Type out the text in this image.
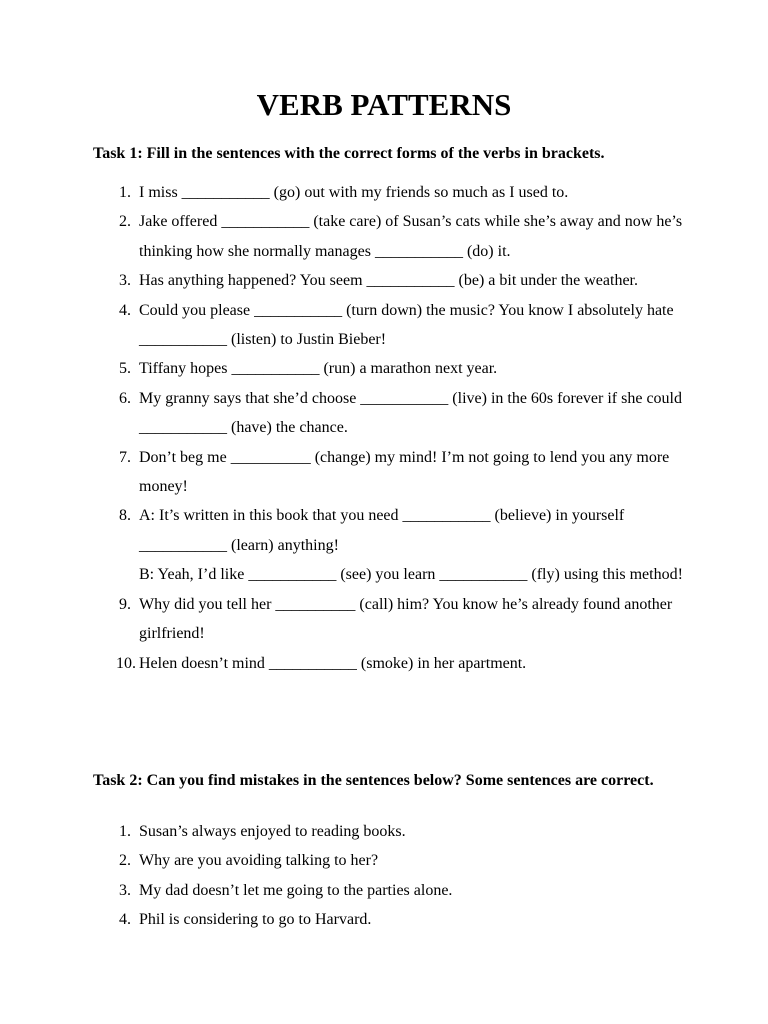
VERB PATTERNS

Task 1: Fill in the sentences with the correct forms of the verbs in brackets.

1. I miss ___________ (go) out with my friends so much as I used to.
2. Jake offered ___________ (take care) of Susan’s cats while she’s away and now he’s thinking how she normally manages ___________ (do) it.
3. Has anything happened? You seem ___________ (be) a bit under the weather.
4. Could you please ___________ (turn down) the music? You know I absolutely hate ___________ (listen) to Justin Bieber!
5. Tiffany hopes ___________ (run) a marathon next year.
6. My granny says that she’d choose ___________ (live) in the 60s forever if she could ___________ (have) the chance.
7. Don’t beg me __________ (change) my mind! I’m not going to lend you any more money!
8. A: It’s written in this book that you need ___________ (believe) in yourself ___________ (learn) anything!
B: Yeah, I’d like ___________ (see) you learn ___________ (fly) using this method!
9. Why did you tell her __________ (call) him? You know he’s already found another girlfriend!
10. Helen doesn’t mind ___________ (smoke) in her apartment.

Task 2: Can you find mistakes in the sentences below? Some sentences are correct.

1. Susan’s always enjoyed to reading books.
2. Why are you avoiding talking to her?
3. My dad doesn’t let me going to the parties alone.
4. Phil is considering to go to Harvard.
